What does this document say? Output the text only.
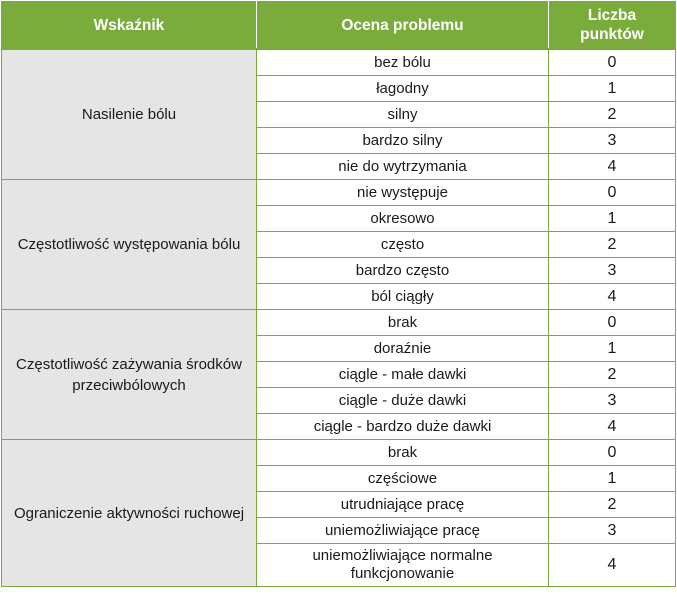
Wskaźnik	Ocena problemu	Liczba punktów
Nasilenie bólu	bez bólu	0
	łagodny	1
	silny	2
	bardzo silny	3
	nie do wytrzymania	4
Częstotliwość występowania bólu	nie występuje	0
	okresowo	1
	często	2
	bardzo często	3
	ból ciągły	4
Częstotliwość zażywania środków przeciwbólowych	brak	0
	doraźnie	1
	ciągle - małe dawki	2
	ciągle - duże dawki	3
	ciągle - bardzo duże dawki	4
Ograniczenie aktywności ruchowej	brak	0
	częściowe	1
	utrudniające pracę	2
	uniemożliwiające pracę	3
	uniemożliwiające normalne funkcjonowanie	4
